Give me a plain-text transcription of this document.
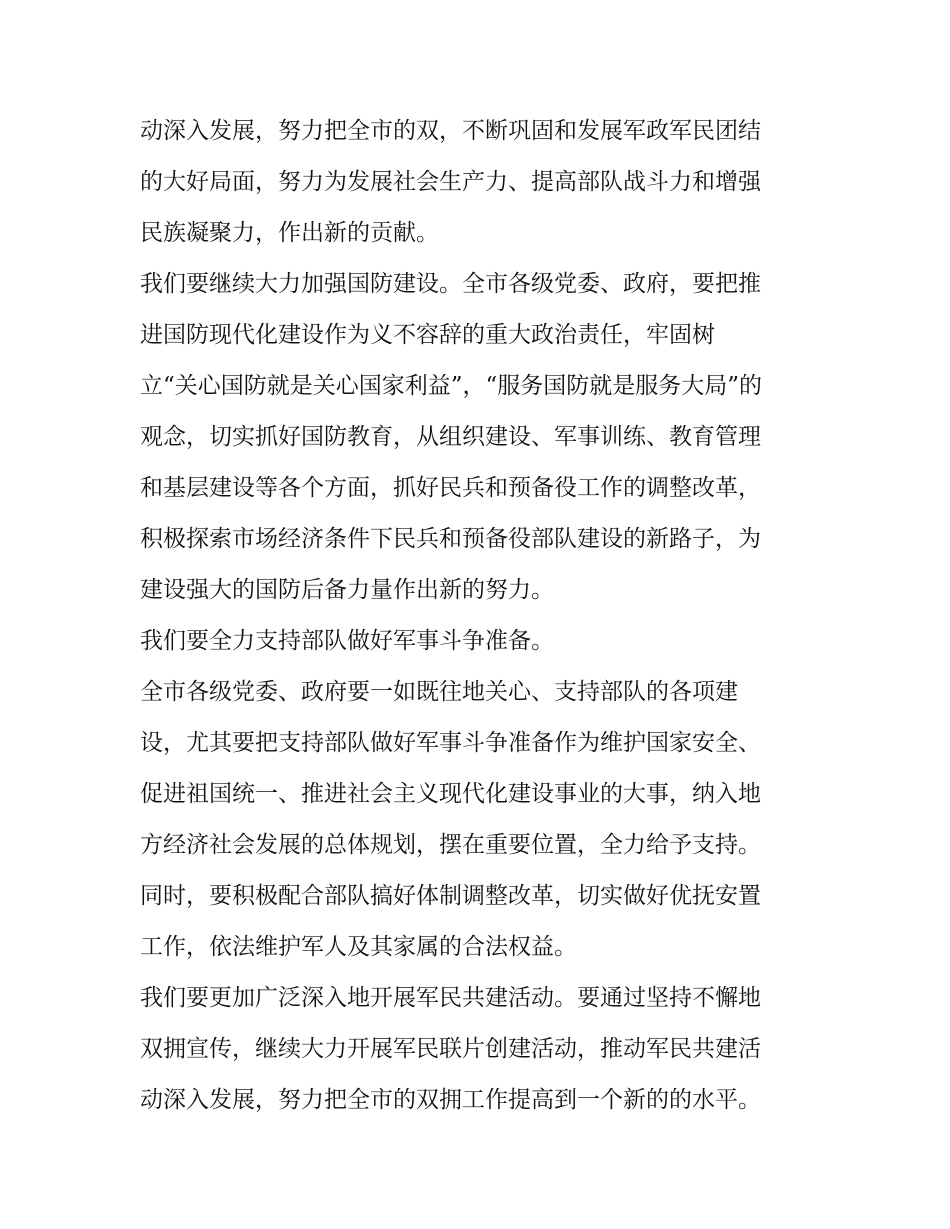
动深入发展，努力把全市的双，不断巩固和发展军政军民团结
的大好局面，努力为发展社会生产力、提高部队战斗力和增强
民族凝聚力，作出新的贡献。
我们要继续大力加强国防建设。全市各级党委、政府，要把推
进国防现代化建设作为义不容辞的重大政治责任，牢固树
立“关心国防就是关心国家利益”，“服务国防就是服务大局”的
观念，切实抓好国防教育，从组织建设、军事训练、教育管理
和基层建设等各个方面，抓好民兵和预备役工作的调整改革，
积极探索市场经济条件下民兵和预备役部队建设的新路子，为
建设强大的国防后备力量作出新的努力。
我们要全力支持部队做好军事斗争准备。
全市各级党委、政府要一如既往地关心、支持部队的各项建
设，尤其要把支持部队做好军事斗争准备作为维护国家安全、
促进祖国统一、推进社会主义现代化建设事业的大事，纳入地
方经济社会发展的总体规划，摆在重要位置，全力给予支持。
同时，要积极配合部队搞好体制调整改革，切实做好优抚安置
工作，依法维护军人及其家属的合法权益。
我们要更加广泛深入地开展军民共建活动。要通过坚持不懈地
双拥宣传，继续大力开展军民联片创建活动，推动军民共建活
动深入发展，努力把全市的双拥工作提高到一个新的的水平。
